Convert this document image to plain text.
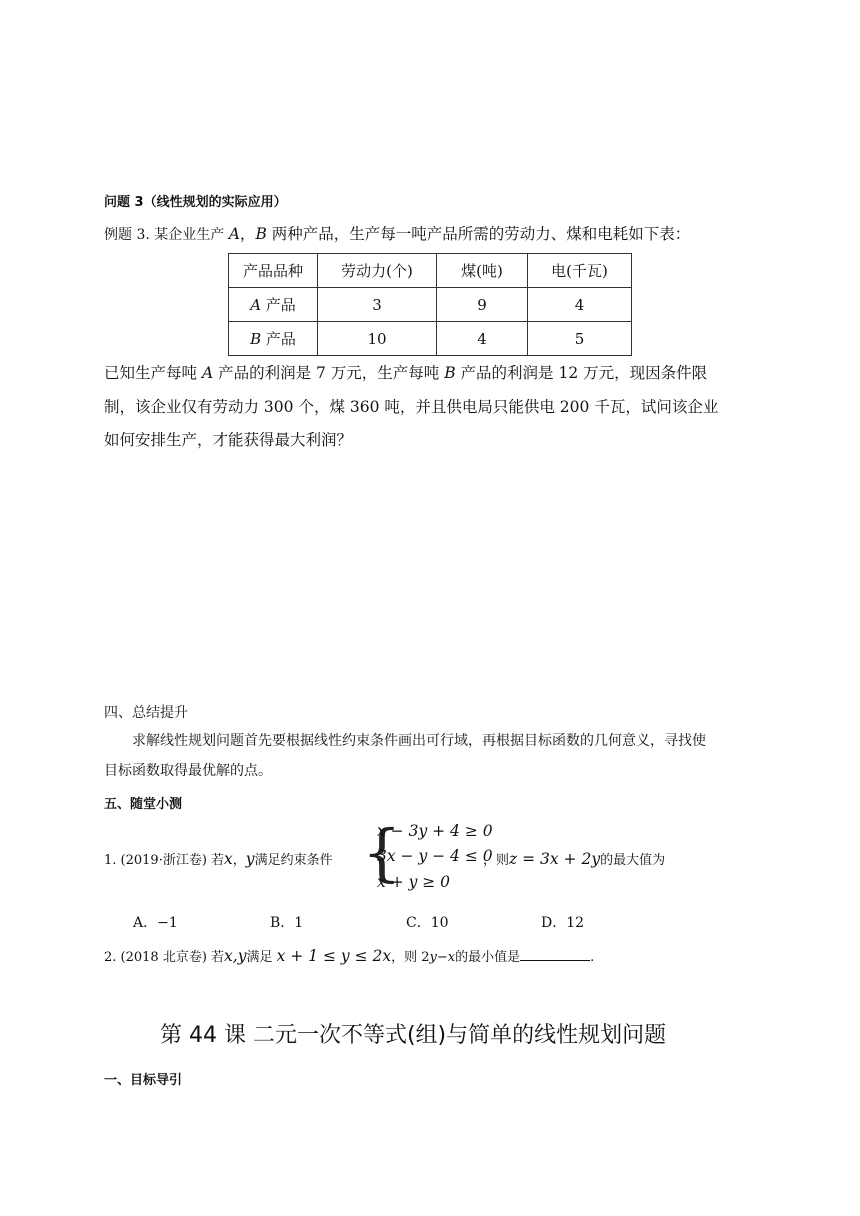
问题 3（线性规划的实际应用）
例题 3. 某企业生产 A，B 两种产品，生产每一吨产品所需的劳动力、煤和电耗如下表：
产品品种	劳动力(个)	煤(吨)	电(千瓦)
A 产品	3	9	4
B 产品	10	4	5
已知生产每吨 A 产品的利润是 7 万元，生产每吨 B 产品的利润是 12 万元，现因条件限
制，该企业仅有劳动力 300 个，煤 360 吨，并且供电局只能供电 200 千瓦，试问该企业
如何安排生产，才能获得最大利润？
四、总结提升
求解线性规划问题首先要根据线性约束条件画出可行域，再根据目标函数的几何意义，寻找使
目标函数取得最优解的点。
五、随堂小测
1. (2019·浙江卷) 若x，y满足约束条件 {
x − 3y + 4 ≥ 0
3x − y − 4 ≤ 0
x + y ≥ 0
，则z = 3x + 2y的最大值为
A．−1	B．1	C．10	D．12
2. (2018 北京卷) 若x,y满足 x + 1 ≤ y ≤ 2x，则 2y−x的最小值是	.
第 44 课 二元一次不等式(组)与简单的线性规划问题
一、目标导引
